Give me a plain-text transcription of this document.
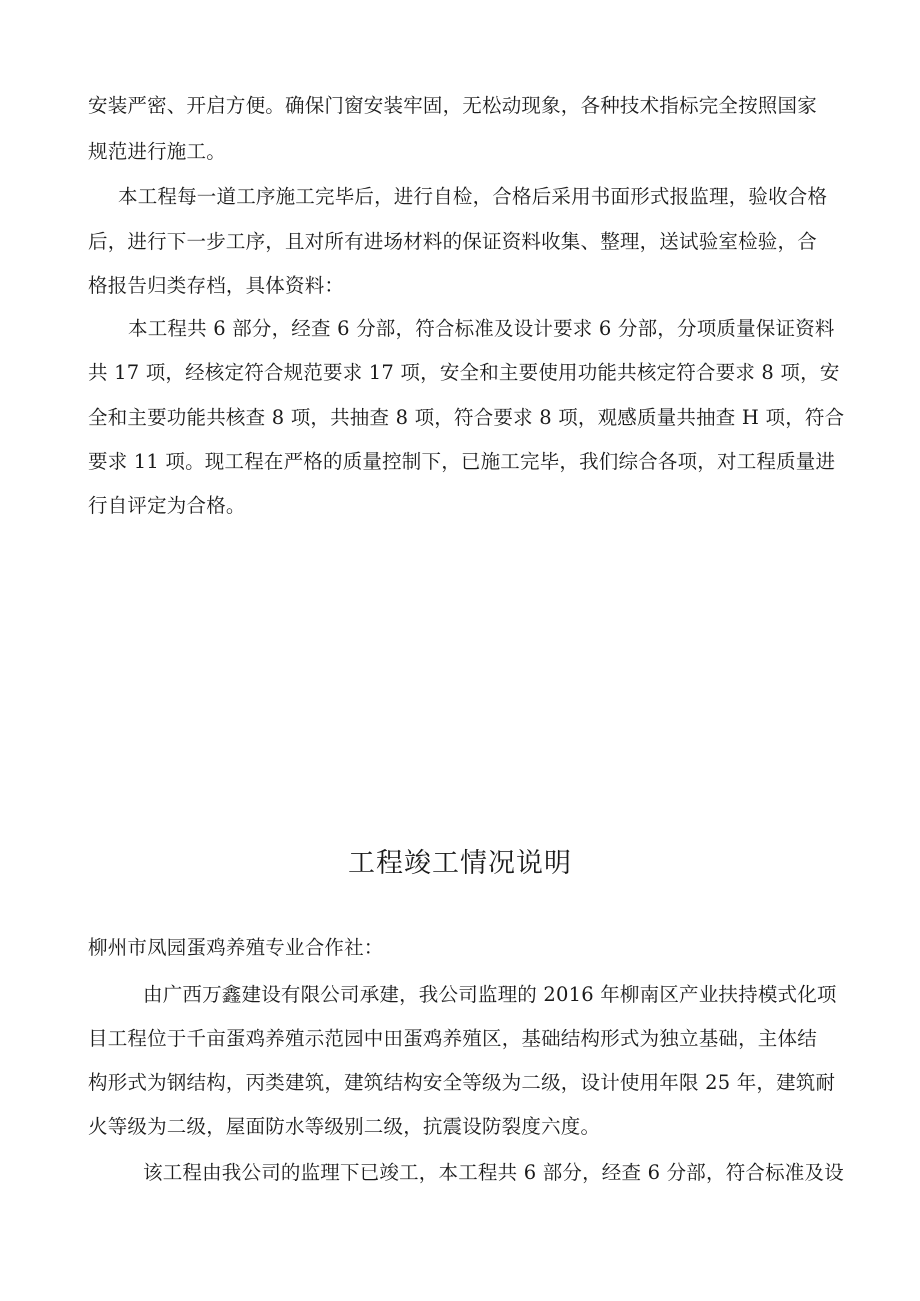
安装严密、开启方便。确保门窗安装牢固，无松动现象，各种技术指标完全按照国家
规范进行施工。
本工程每一道工序施工完毕后，进行自检，合格后采用书面形式报监理，验收合格
后，进行下一步工序，且对所有进场材料的保证资料收集、整理，送试验室检验，合
格报告归类存档，具体资料：
本工程共 6 部分，经查 6 分部，符合标准及设计要求 6 分部，分项质量保证资料
共 17 项，经核定符合规范要求 17 项，安全和主要使用功能共核定符合要求 8 项，安
全和主要功能共核查 8 项，共抽查 8 项，符合要求 8 项，观感质量共抽查 H 项，符合
要求 11 项。现工程在严格的质量控制下，已施工完毕，我们综合各项，对工程质量进
行自评定为合格。
工程竣工情况说明
柳州市凤园蛋鸡养殖专业合作社：
由广西万鑫建设有限公司承建，我公司监理的 2016 年柳南区产业扶持模式化项
目工程位于千亩蛋鸡养殖示范园中田蛋鸡养殖区，基础结构形式为独立基础，主体结
构形式为钢结构，丙类建筑，建筑结构安全等级为二级，设计使用年限 25 年，建筑耐
火等级为二级，屋面防水等级别二级，抗震设防裂度六度。
该工程由我公司的监理下已竣工，本工程共 6 部分，经查 6 分部，符合标准及设
